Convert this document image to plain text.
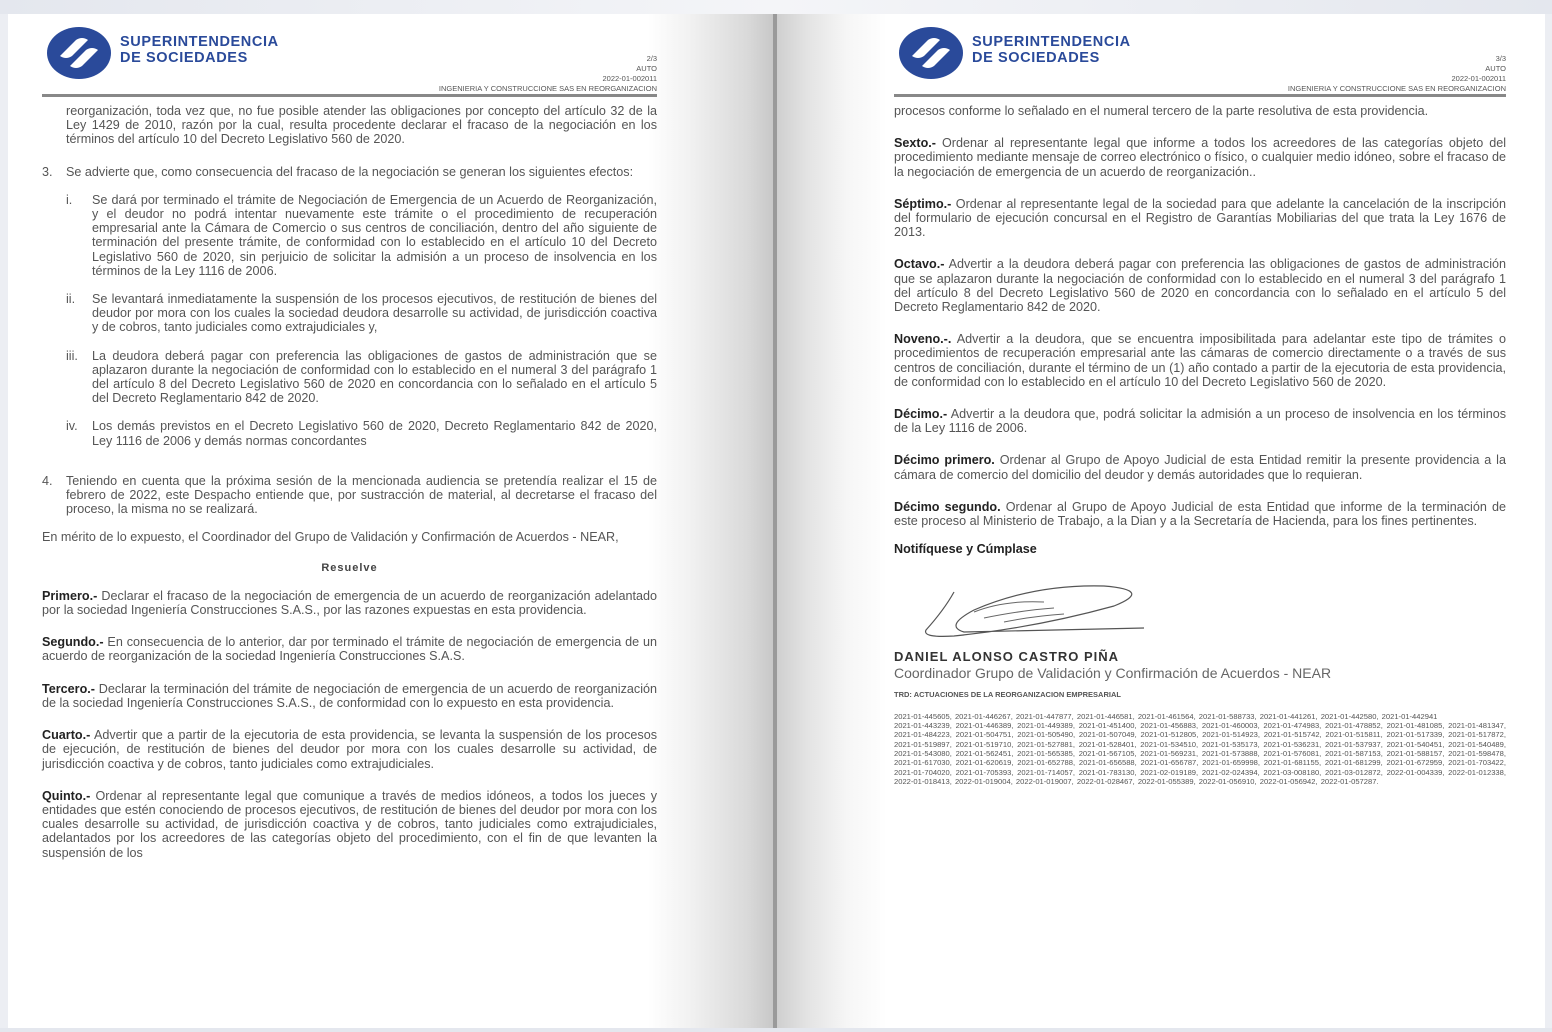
SUPERINTENDENCIA
DE SOCIEDADES	2/3
AUTO
2022-01-002011
INGENIERIA Y CONSTRUCCIONE SAS EN REORGANIZACION

reorganización, toda vez que, no fue posible atender las obligaciones por concepto del artículo 32 de la Ley 1429 de 2010, razón por la cual, resulta procedente declarar el fracaso de la negociación en los términos del artículo 10 del Decreto Legislativo 560 de 2020.

3.	Se advierte que, como consecuencia del fracaso de la negociación se generan los siguientes efectos:

i.	Se dará por terminado el trámite de Negociación de Emergencia de un Acuerdo de Reorganización, y el deudor no podrá intentar nuevamente este trámite o el procedimiento de recuperación empresarial ante la Cámara de Comercio o sus centros de conciliación, dentro del año siguiente de terminación del presente trámite, de conformidad con lo establecido en el artículo 10 del Decreto Legislativo 560 de 2020, sin perjuicio de solicitar la admisión a un proceso de insolvencia en los términos de la Ley 1116 de 2006.

ii.	Se levantará inmediatamente la suspensión de los procesos ejecutivos, de restitución de bienes del deudor por mora con los cuales la sociedad deudora desarrolle su actividad, de jurisdicción coactiva y de cobros, tanto judiciales como extrajudiciales y,

iii.	La deudora deberá pagar con preferencia las obligaciones de gastos de administración que se aplazaron durante la negociación de conformidad con lo establecido en el numeral 3 del parágrafo 1 del artículo 8 del Decreto Legislativo 560 de 2020 en concordancia con lo señalado en el artículo 5 del Decreto Reglamentario 842 de 2020.

iv.	Los demás previstos en el Decreto Legislativo 560 de 2020, Decreto Reglamentario 842 de 2020, Ley 1116 de 2006 y demás normas concordantes

4.	Teniendo en cuenta que la próxima sesión de la mencionada audiencia se pretendía realizar el 15 de febrero de 2022, este Despacho entiende que, por sustracción de material, al decretarse el fracaso del proceso, la misma no se realizará.

En mérito de lo expuesto, el Coordinador del Grupo de Validación y Confirmación de Acuerdos - NEAR,

Resuelve

Primero.- Declarar el fracaso de la negociación de emergencia de un acuerdo de reorganización adelantado por la sociedad Ingeniería Construcciones S.A.S., por las razones expuestas en esta providencia.

Segundo.- En consecuencia de lo anterior, dar por terminado el trámite de negociación de emergencia de un acuerdo de reorganización de la sociedad Ingeniería Construcciones S.A.S.

Tercero.- Declarar la terminación del trámite de negociación de emergencia de un acuerdo de reorganización de la sociedad Ingeniería Construcciones S.A.S., de conformidad con lo expuesto en esta providencia.

Cuarto.- Advertir que a partir de la ejecutoria de esta providencia, se levanta la suspensión de los procesos de ejecución, de restitución de bienes del deudor por mora con los cuales desarrolle su actividad, de jurisdicción coactiva y de cobros, tanto judiciales como extrajudiciales.

Quinto.- Ordenar al representante legal que comunique a través de medios idóneos, a todos los jueces y entidades que estén conociendo de procesos ejecutivos, de restitución de bienes del deudor por mora con los cuales desarrolle su actividad, de jurisdicción coactiva y de cobros, tanto judiciales como extrajudiciales, adelantados por los acreedores de las categorías objeto del procedimiento, con el fin de que levanten la suspensión de los

SUPERINTENDENCIA
DE SOCIEDADES	3/3
AUTO
2022-01-002011
INGENIERIA Y CONSTRUCCIONE SAS EN REORGANIZACION

procesos conforme lo señalado en el numeral tercero de la parte resolutiva de esta providencia.

Sexto.- Ordenar al representante legal que informe a todos los acreedores de las categorías objeto del procedimiento mediante mensaje de correo electrónico o físico, o cualquier medio idóneo, sobre el fracaso de la negociación de emergencia de un acuerdo de reorganización..

Séptimo.- Ordenar al representante legal de la sociedad para que adelante la cancelación de la inscripción del formulario de ejecución concursal en el Registro de Garantías Mobiliarias del que trata la Ley 1676 de 2013.

Octavo.- Advertir a la deudora deberá pagar con preferencia las obligaciones de gastos de administración que se aplazaron durante la negociación de conformidad con lo establecido en el numeral 3 del parágrafo 1 del artículo 8 del Decreto Legislativo 560 de 2020 en concordancia con lo señalado en el artículo 5 del Decreto Reglamentario 842 de 2020.

Noveno.-. Advertir a la deudora, que se encuentra imposibilitada para adelantar este tipo de trámites o procedimientos de recuperación empresarial ante las cámaras de comercio directamente o a través de sus centros de conciliación, durante el término de un (1) año contado a partir de la ejecutoria de esta providencia, de conformidad con lo establecido en el artículo 10 del Decreto Legislativo 560 de 2020.

Décimo.- Advertir a la deudora que, podrá solicitar la admisión a un proceso de insolvencia en los términos de la Ley 1116 de 2006.

Décimo primero. Ordenar al Grupo de Apoyo Judicial de esta Entidad remitir la presente providencia a la cámara de comercio del domicilio del deudor y demás autoridades que lo requieran.

Décimo segundo. Ordenar al Grupo de Apoyo Judicial de esta Entidad que informe de la terminación de este proceso al Ministerio de Trabajo, a la Dian y a la Secretaría de Hacienda, para los fines pertinentes.

Notifíquese y Cúmplase

DANIEL ALONSO CASTRO PIÑA
Coordinador Grupo de Validación y Confirmación de Acuerdos - NEAR
TRD: ACTUACIONES DE LA REORGANIZACION EMPRESARIAL
2021-01-445605, 2021-01-446267, 2021-01-447877, 2021-01-446581, 2021-01-461564, 2021-01-588733, 2021-01-441261, 2021-01-442580, 2021-01-442941
2021-01-443239, 2021-01-446389, 2021-01-449389, 2021-01-451400, 2021-01-456883, 2021-01-460003, 2021-01-474983, 2021-01-478852, 2021-01-481085, 2021-01-481347, 2021-01-484223, 2021-01-504751, 2021-01-505490, 2021-01-507049, 2021-01-512805, 2021-01-514923, 2021-01-515742, 2021-01-515811, 2021-01-517339, 2021-01-517872, 2021-01-519897, 2021-01-519710, 2021-01-527881, 2021-01-528401, 2021-01-534510, 2021-01-535173, 2021-01-536231, 2021-01-537937, 2021-01-540451, 2021-01-540489, 2021-01-543080, 2021-01-562451, 2021-01-565385, 2021-01-567105, 2021-01-569231, 2021-01-573888, 2021-01-576081, 2021-01-587153, 2021-01-588157, 2021-01-598478, 2021-01-617030, 2021-01-620619, 2021-01-652788, 2021-01-656588, 2021-01-656787, 2021-01-659998, 2021-01-681155, 2021-01-681299, 2021-01-672959, 2021-01-703422, 2021-01-704020, 2021-01-705393, 2021-01-714057, 2021-01-783130, 2021-02-019189, 2021-02-024394, 2021-03-008180, 2021-03-012872, 2022-01-004339, 2022-01-012338, 2022-01-018413, 2022-01-019004, 2022-01-019007, 2022-01-028467, 2022-01-055389, 2022-01-056910, 2022-01-056942, 2022-01-057287.
